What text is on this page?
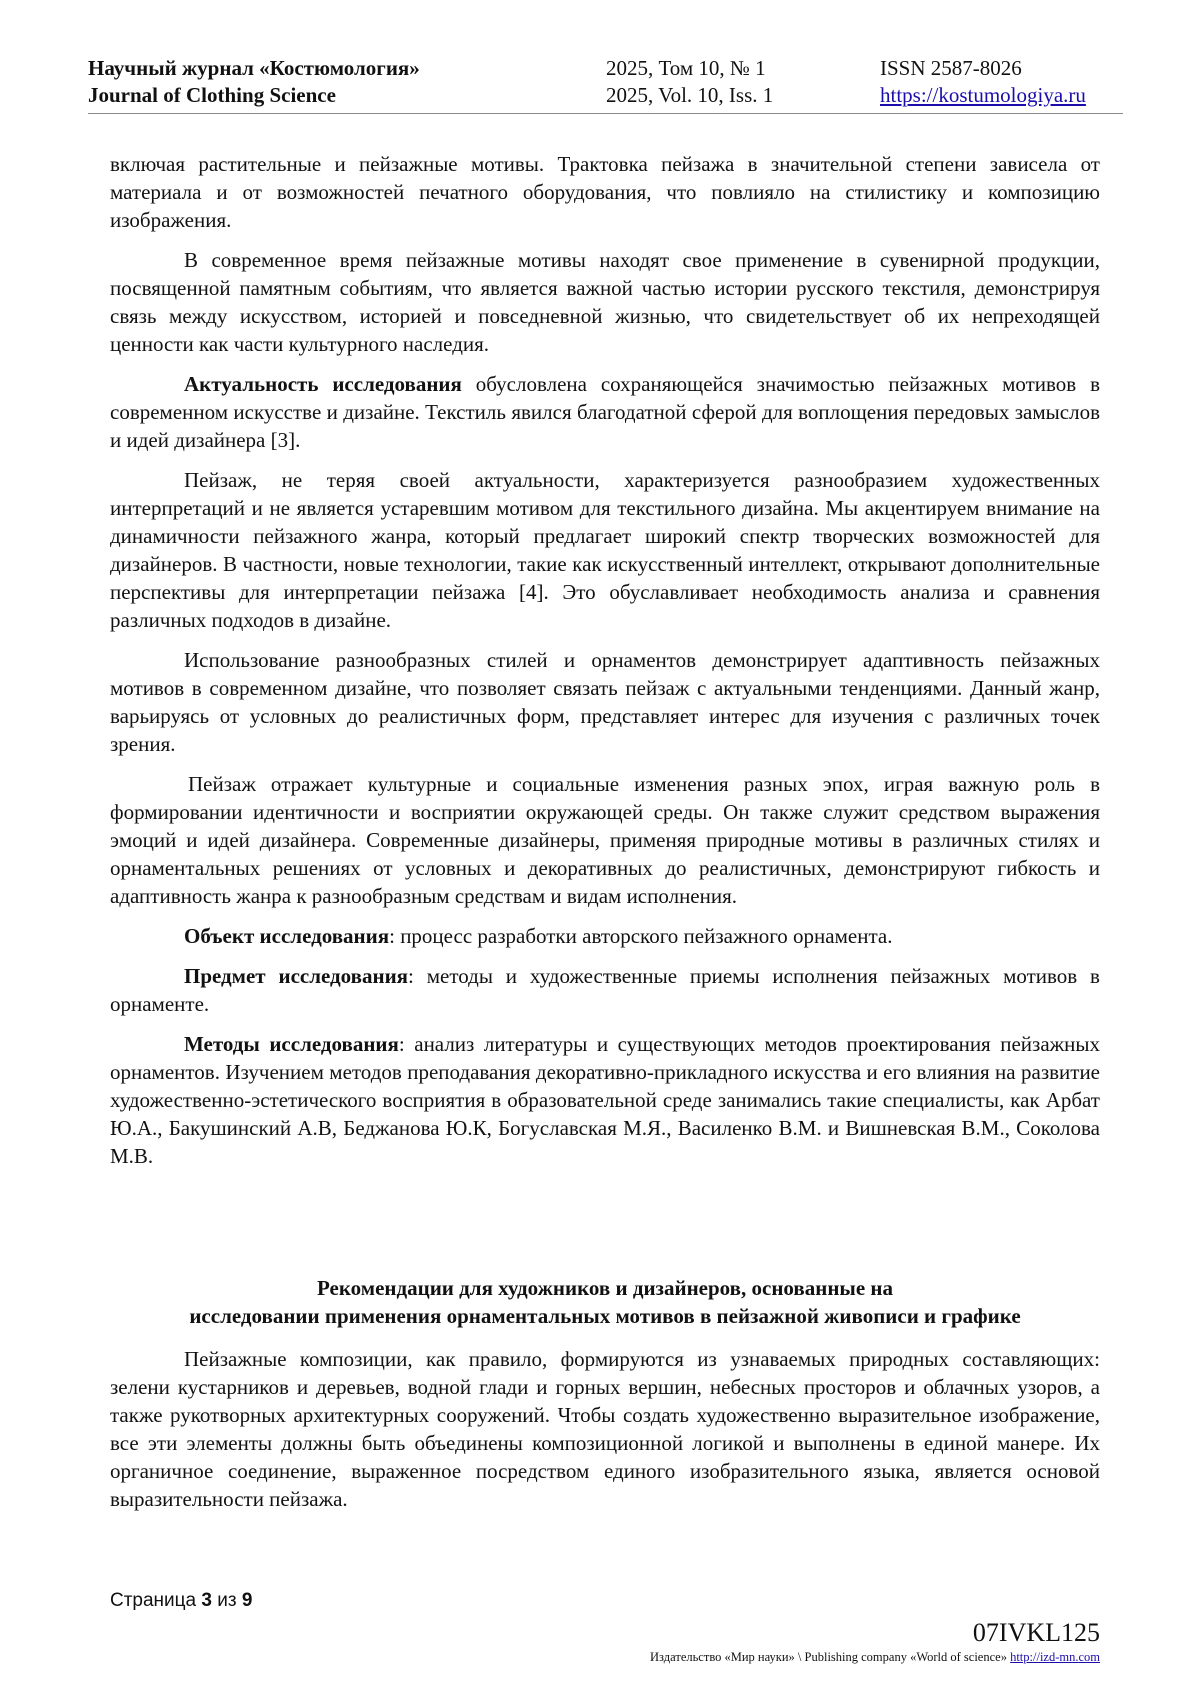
Научный журнал «Костюмология»
Journal of Clothing Science
2025, Том 10, № 1
2025, Vol. 10, Iss. 1
ISSN 2587-8026
https://kostumologiya.ru

включая растительные и пейзажные мотивы. Трактовка пейзажа в значительной степени зависела от материала и от возможностей печатного оборудования, что повлияло на стилистику и композицию изображения.

В современное время пейзажные мотивы находят свое применение в сувенирной продукции, посвященной памятным событиям, что является важной частью истории русского текстиля, демонстрируя связь между искусством, историей и повседневной жизнью, что свидетельствует об их непреходящей ценности как части культурного наследия.

Актуальность исследования обусловлена сохраняющейся значимостью пейзажных мотивов в современном искусстве и дизайне. Текстиль явился благодатной сферой для воплощения передовых замыслов и идей дизайнера [3].

Пейзаж, не теряя своей актуальности, характеризуется разнообразием художественных интерпретаций и не является устаревшим мотивом для текстильного дизайна. Мы акцентируем внимание на динамичности пейзажного жанра, который предлагает широкий спектр творческих возможностей для дизайнеров. В частности, новые технологии, такие как искусственный интеллект, открывают дополнительные перспективы для интерпретации пейзажа [4]. Это обуславливает необходимость анализа и сравнения различных подходов в дизайне.

Использование разнообразных стилей и орнаментов демонстрирует адаптивность пейзажных мотивов в современном дизайне, что позволяет связать пейзаж с актуальными тенденциями. Данный жанр, варьируясь от условных до реалистичных форм, представляет интерес для изучения с различных точек зрения.

Пейзаж отражает культурные и социальные изменения разных эпох, играя важную роль в формировании идентичности и восприятии окружающей среды. Он также служит средством выражения эмоций и идей дизайнера. Современные дизайнеры, применяя природные мотивы в различных стилях и орнаментальных решениях от условных и декоративных до реалистичных, демонстрируют гибкость и адаптивность жанра к разнообразным средствам и видам исполнения.

Объект исследования: процесс разработки авторского пейзажного орнамента.

Предмет исследования: методы и художественные приемы исполнения пейзажных мотивов в орнаменте.

Методы исследования: анализ литературы и существующих методов проектирования пейзажных орнаментов. Изучением методов преподавания декоративно-прикладного искусства и его влияния на развитие художественно-эстетического восприятия в образовательной среде занимались такие специалисты, как Арбат Ю.А., Бакушинский А.В, Беджанова Ю.К, Богуславская М.Я., Василенко В.М. и Вишневская В.М., Соколова М.В.

Рекомендации для художников и дизайнеров, основанные на
исследовании применения орнаментальных мотивов в пейзажной живописи и графике

Пейзажные композиции, как правило, формируются из узнаваемых природных составляющих: зелени кустарников и деревьев, водной глади и горных вершин, небесных просторов и облачных узоров, а также рукотворных архитектурных сооружений. Чтобы создать художественно выразительное изображение, все эти элементы должны быть объединены композиционной логикой и выполнены в единой манере. Их органичное соединение, выраженное посредством единого изобразительного языка, является основой выразительности пейзажа.

Страница 3 из 9
07IVKL125
Издательство «Мир науки» \ Publishing company «World of science» http://izd-mn.com
